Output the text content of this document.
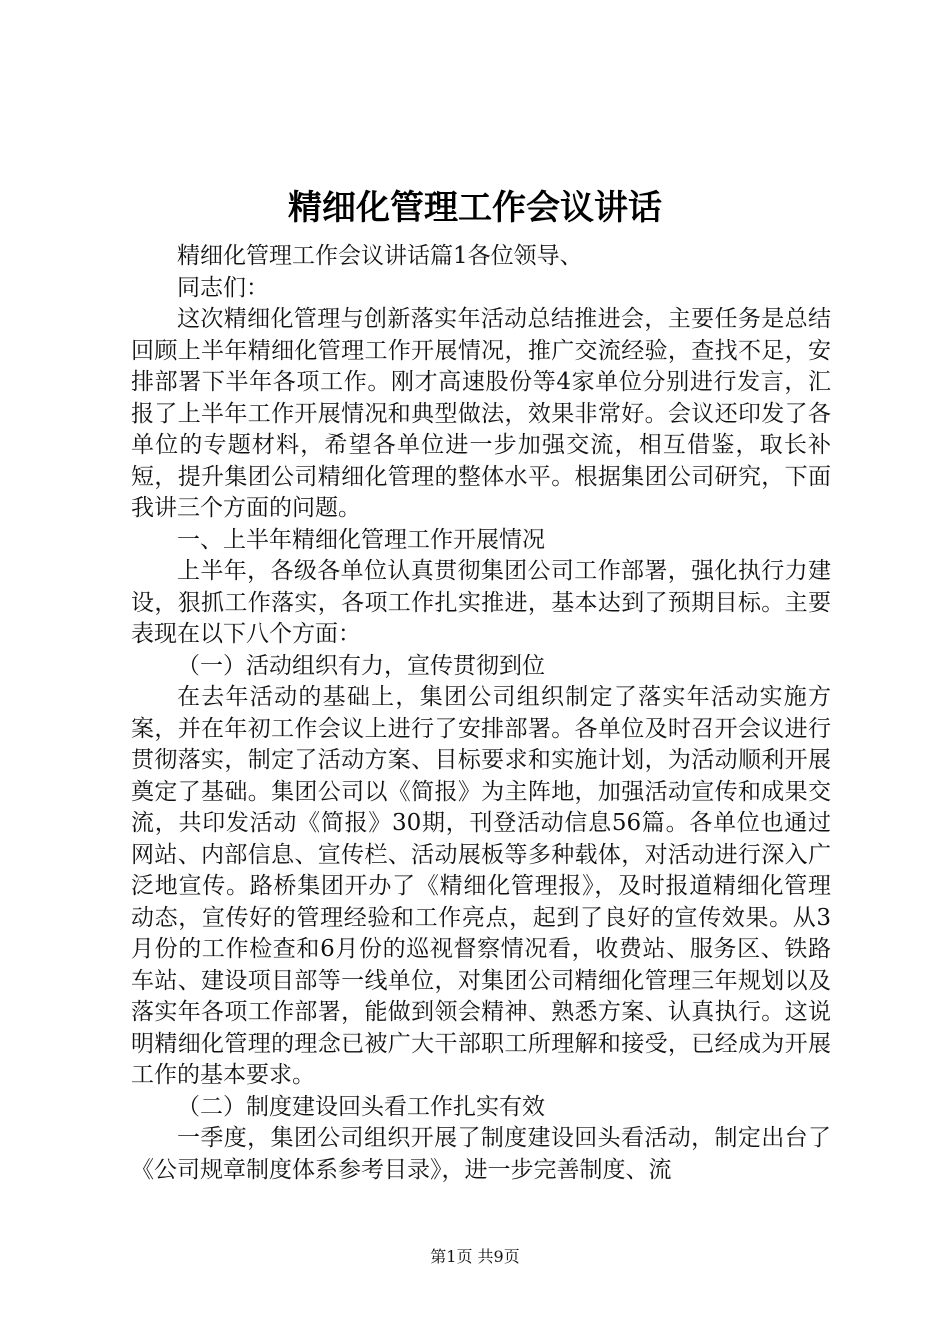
精细化管理工作会议讲话

精细化管理工作会议讲话篇1各位领导、

同志们：

这次精细化管理与创新落实年活动总结推进会，主要任务是总结回顾上半年精细化管理工作开展情况，推广交流经验，查找不足，安排部署下半年各项工作。刚才高速股份等4家单位分别进行发言，汇报了上半年工作开展情况和典型做法，效果非常好。会议还印发了各单位的专题材料，希望各单位进一步加强交流，相互借鉴，取长补短，提升集团公司精细化管理的整体水平。根据集团公司研究，下面我讲三个方面的问题。

一、上半年精细化管理工作开展情况

上半年，各级各单位认真贯彻集团公司工作部署，强化执行力建设，狠抓工作落实，各项工作扎实推进，基本达到了预期目标。主要表现在以下八个方面：

（一）活动组织有力，宣传贯彻到位

在去年活动的基础上，集团公司组织制定了落实年活动实施方案，并在年初工作会议上进行了安排部署。各单位及时召开会议进行贯彻落实，制定了活动方案、目标要求和实施计划，为活动顺利开展奠定了基础。集团公司以《简报》为主阵地，加强活动宣传和成果交流，共印发活动《简报》30期，刊登活动信息56篇。各单位也通过网站、内部信息、宣传栏、活动展板等多种载体，对活动进行深入广泛地宣传。路桥集团开办了《精细化管理报》，及时报道精细化管理动态，宣传好的管理经验和工作亮点，起到了良好的宣传效果。从3月份的工作检查和6月份的巡视督察情况看，收费站、服务区、铁路车站、建设项目部等一线单位，对集团公司精细化管理三年规划以及落实年各项工作部署，能做到领会精神、熟悉方案、认真执行。这说明精细化管理的理念已被广大干部职工所理解和接受，已经成为开展工作的基本要求。

（二）制度建设回头看工作扎实有效

一季度，集团公司组织开展了制度建设回头看活动，制定出台了《公司规章制度体系参考目录》，进一步完善制度、流

第1页 共9页
